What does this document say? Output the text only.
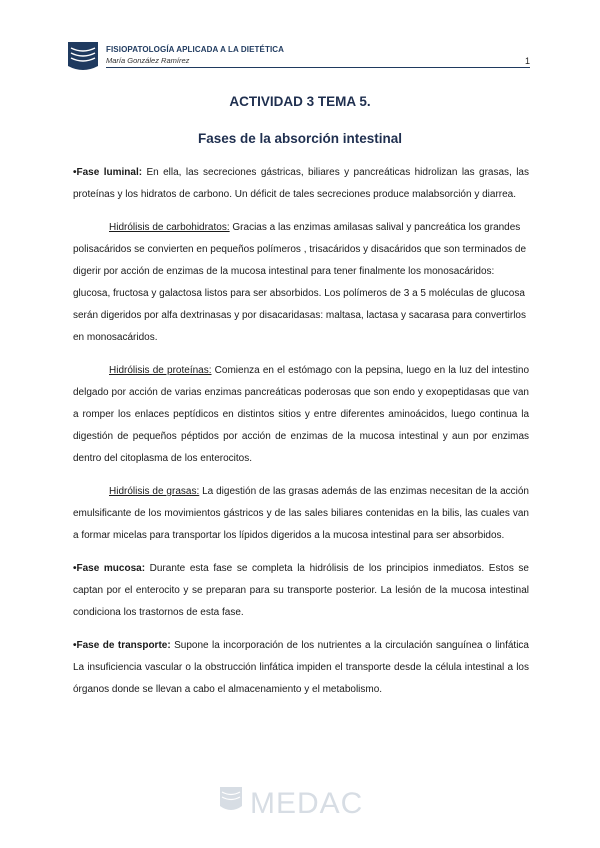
FISIOPATOLOGÍA APLICADA A LA DIETÉTICA
María González Ramírez	1
ACTIVIDAD 3 TEMA 5.
Fases de la absorción intestinal

•Fase luminal: En ella, las secreciones gástricas, biliares y pancreáticas hidrolizan las grasas, las proteínas y los hidratos de carbono. Un déficit de tales secreciones produce malabsorción y diarrea.

Hidrólisis de carbohidratos: Gracias a las enzimas amilasas salival y pancreática los grandes polisacáridos se convierten en pequeños polímeros , trisacáridos y disacáridos que son terminados de digerir por acción de enzimas de la mucosa intestinal para tener finalmente los monosacáridos: glucosa, fructosa y galactosa listos para ser absorbidos. Los polímeros de 3 a 5 moléculas de glucosa serán digeridos por alfa dextrinasas y por disacaridasas: maltasa, lactasa y sacarasa para convertirlos en monosacáridos.

Hidrólisis de proteínas: Comienza en el estómago con la pepsina, luego en la luz del intestino delgado por acción de varias enzimas pancreáticas poderosas que son endo y exopeptidasas que van a romper los enlaces peptídicos en distintos sitios y entre diferentes aminoácidos, luego continua la digestión de pequeños péptidos por acción de enzimas de la mucosa intestinal y aun por enzimas dentro del citoplasma de los enterocitos.

Hidrólisis de grasas: La digestión de las grasas además de las enzimas necesitan de la acción emulsificante de los movimientos gástricos y de las sales biliares contenidas en la bilis, las cuales van a formar micelas para transportar los lípidos digeridos a la mucosa intestinal para ser absorbidos.

•Fase mucosa: Durante esta fase se completa la hidrólisis de los principios inmediatos. Estos se captan por el enterocito y se preparan para su transporte posterior. La lesión de la mucosa intestinal condiciona los trastornos de esta fase.

•Fase de transporte: Supone la incorporación de los nutrientes a la circulación sanguínea o linfática La insuficiencia vascular o la obstrucción linfática impiden el transporte desde la célula intestinal a los órganos donde se llevan a cabo el almacenamiento y el metabolismo.

MEDAC
